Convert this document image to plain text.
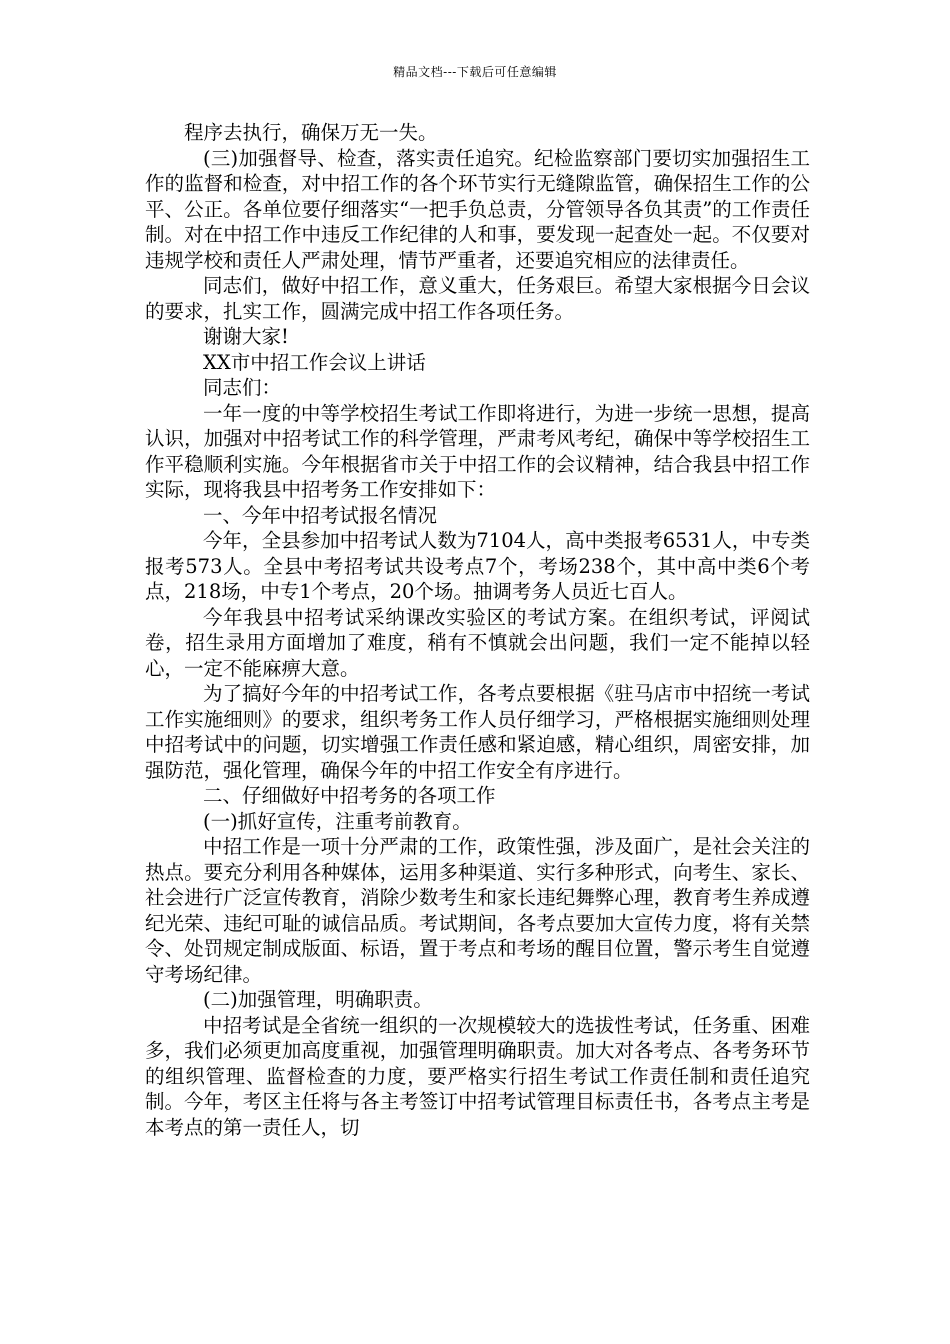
精品文档---下载后可任意编辑

　　程序去执行，确保万无一失。

(三)加强督导、检查，落实责任追究。纪检监察部门要切实加强招生工作的监督和检查，对中招工作的各个环节实行无缝隙监管，确保招生工作的公平、公正。各单位要仔细落实“一把手负总责，分管领导各负其责”的工作责任制。对在中招工作中违反工作纪律的人和事，要发现一起查处一起。不仅要对违规学校和责任人严肃处理，情节严重者，还要追究相应的法律责任。

同志们，做好中招工作，意义重大，任务艰巨。希望大家根据今日会议的要求，扎实工作，圆满完成中招工作各项任务。

谢谢大家!

XX市中招工作会议上讲话

同志们：

一年一度的中等学校招生考试工作即将进行，为进一步统一思想，提高认识，加强对中招考试工作的科学管理，严肃考风考纪，确保中等学校招生工作平稳顺利实施。今年根据省市关于中招工作的会议精神，结合我县中招工作实际，现将我县中招考务工作安排如下：

一、今年中招考试报名情况

今年，全县参加中招考试人数为7104人，高中类报考6531人，中专类报考573人。全县中考招考试共设考点7个，考场238个，其中高中类6个考点，218场，中专1个考点，20个场。抽调考务人员近七百人。

今年我县中招考试采纳课改实验区的考试方案。在组织考试，评阅试卷，招生录用方面增加了难度，稍有不慎就会出问题，我们一定不能掉以轻心，一定不能麻痹大意。

为了搞好今年的中招考试工作，各考点要根据《驻马店市中招统一考试工作实施细则》的要求，组织考务工作人员仔细学习，严格根据实施细则处理中招考试中的问题，切实增强工作责任感和紧迫感，精心组织，周密安排，加强防范，强化管理，确保今年的中招工作安全有序进行。

二、仔细做好中招考务的各项工作

(一)抓好宣传，注重考前教育。

中招工作是一项十分严肃的工作，政策性强，涉及面广，是社会关注的热点。要充分利用各种媒体，运用多种渠道、实行多种形式，向考生、家长、社会进行广泛宣传教育，消除少数考生和家长违纪舞弊心理，教育考生养成遵纪光荣、违纪可耻的诚信品质。考试期间，各考点要加大宣传力度，将有关禁令、处罚规定制成版面、标语，置于考点和考场的醒目位置，警示考生自觉遵守考场纪律。

(二)加强管理，明确职责。

中招考试是全省统一组织的一次规模较大的选拔性考试，任务重、困难多，我们必须更加高度重视，加强管理明确职责。加大对各考点、各考务环节的组织管理、监督检查的力度，要严格实行招生考试工作责任制和责任追究制。今年，考区主任将与各主考签订中招考试管理目标责任书，各考点主考是本考点的第一责任人，切
